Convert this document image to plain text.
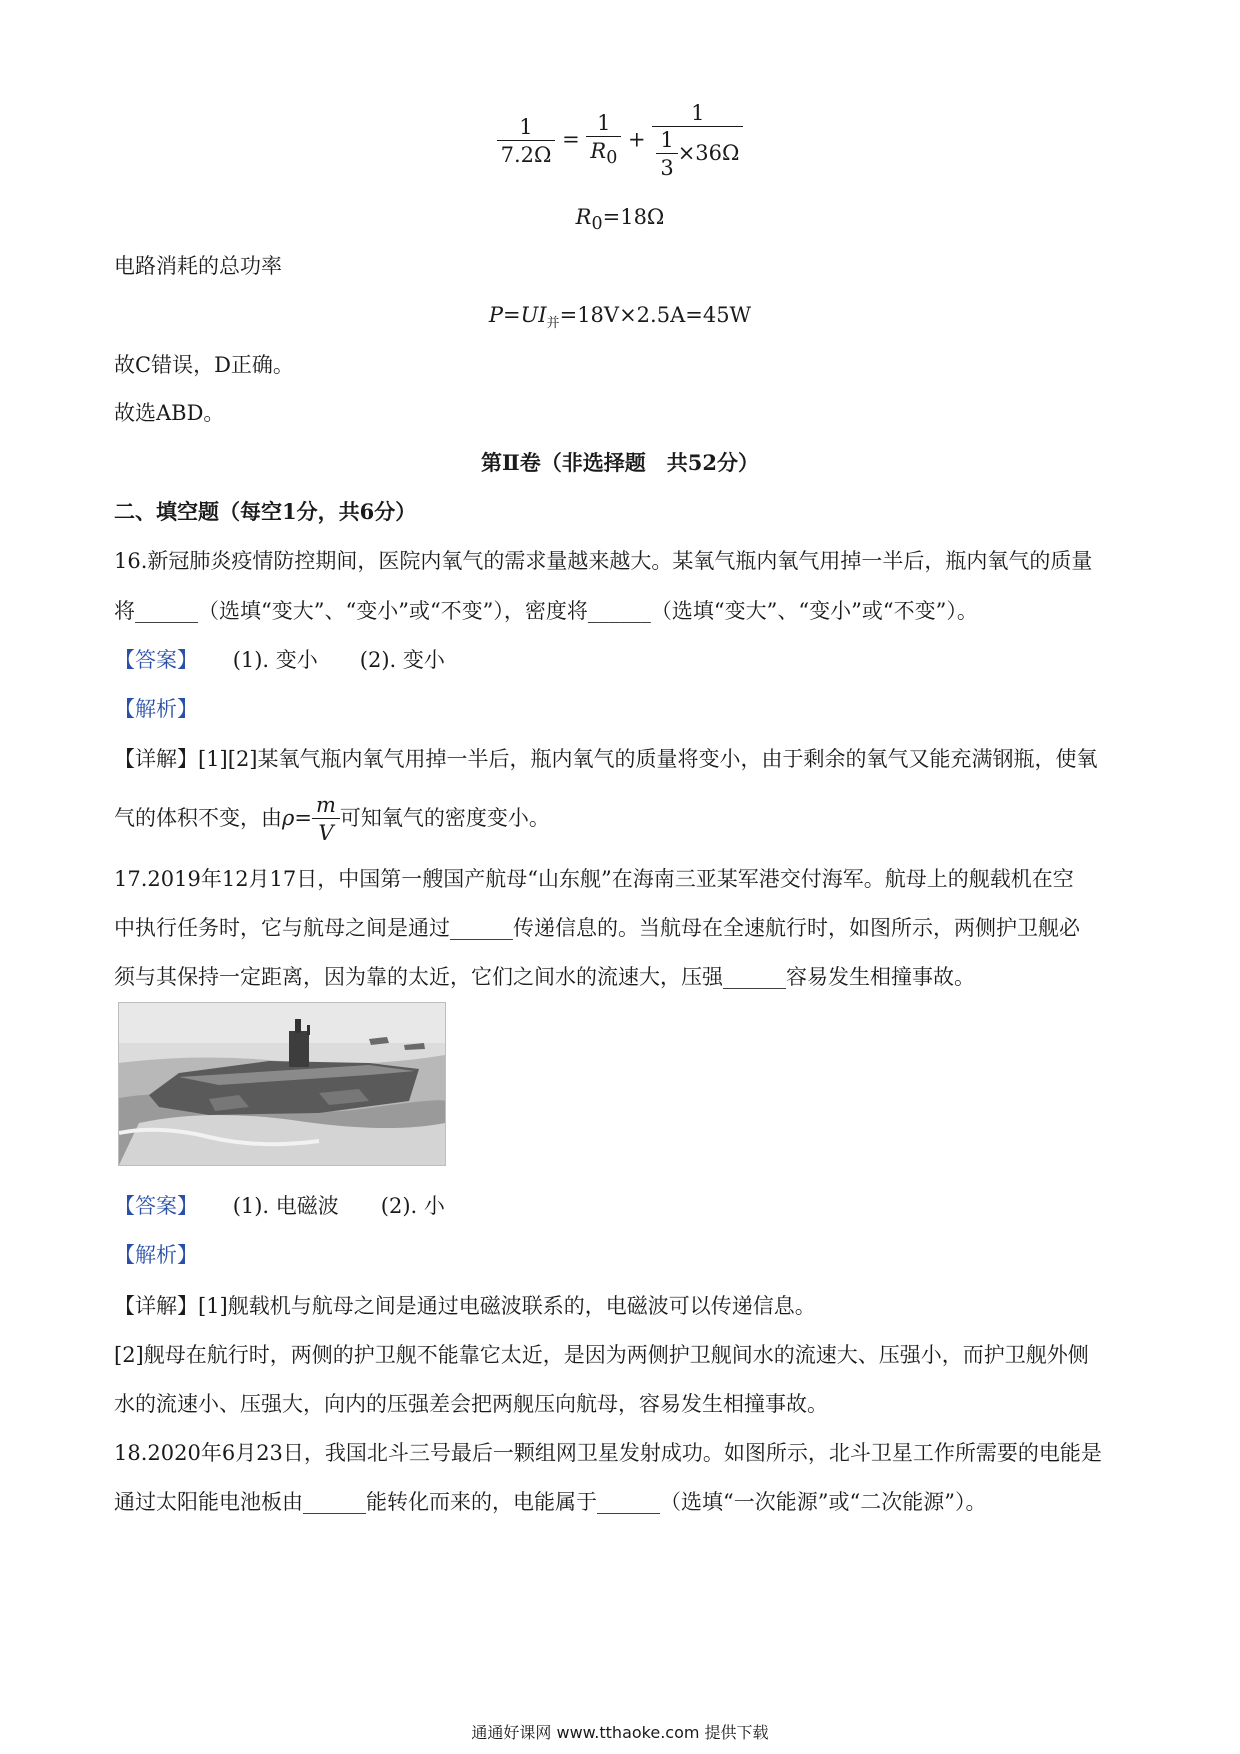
$\frac{1}{7.2\Omega} = \frac{1}{R_0} + \frac{1}{\frac{1}{3} \times 36\Omega}$
$R_0=18\Omega$
电路消耗的总功率
$P=UI_并=18V\times 2.5A=45W$
故C错误，D正确。
故选ABD。
第Ⅱ卷（非选择题　共52分）
二、填空题（每空1分，共6分）
16.新冠肺炎疫情防控期间，医院内氧气的需求量越来越大。某氧气瓶内氧气用掉一半后，瓶内氧气的质量
将______（选填“变大”、“变小”或“不变”），密度将______（选填“变大”、“变小”或“不变”）。
【答案】 (1). 变小　　(2). 变小
【解析】
【详解】[1][2]某氧气瓶内氧气用掉一半后，瓶内氧气的质量将变小，由于剩余的氧气又能充满钢瓶，使氧
气的体积不变，由$\rho= \frac{m}{V}$ 可知氧气的密度变小。
17.2019年12月17日，中国第一艘国产航母“山东舰”在海南三亚某军港交付海军。航母上的舰载机在空
中执行任务时，它与航母之间是通过______传递信息的。当航母在全速航行时，如图所示，两侧护卫舰必
须与其保持一定距离，因为靠的太近，它们之间水的流速大，压强______容易发生相撞事故。
【答案】 (1). 电磁波　　(2). 小
【解析】
【详解】[1]舰载机与航母之间是通过电磁波联系的，电磁波可以传递信息。
[2]舰母在航行时，两侧的护卫舰不能靠它太近，是因为两侧护卫舰间水的流速大、压强小，而护卫舰外侧
水的流速小、压强大，向内的压强差会把两舰压向航母，容易发生相撞事故。
18.2020年6月23日，我国北斗三号最后一颗组网卫星发射成功。如图所示，北斗卫星工作所需要的电能是
通过太阳能电池板由______能转化而来的，电能属于______（选填“一次能源”或“二次能源”）。
通通好课网 www.tthaoke.com 提供下载
